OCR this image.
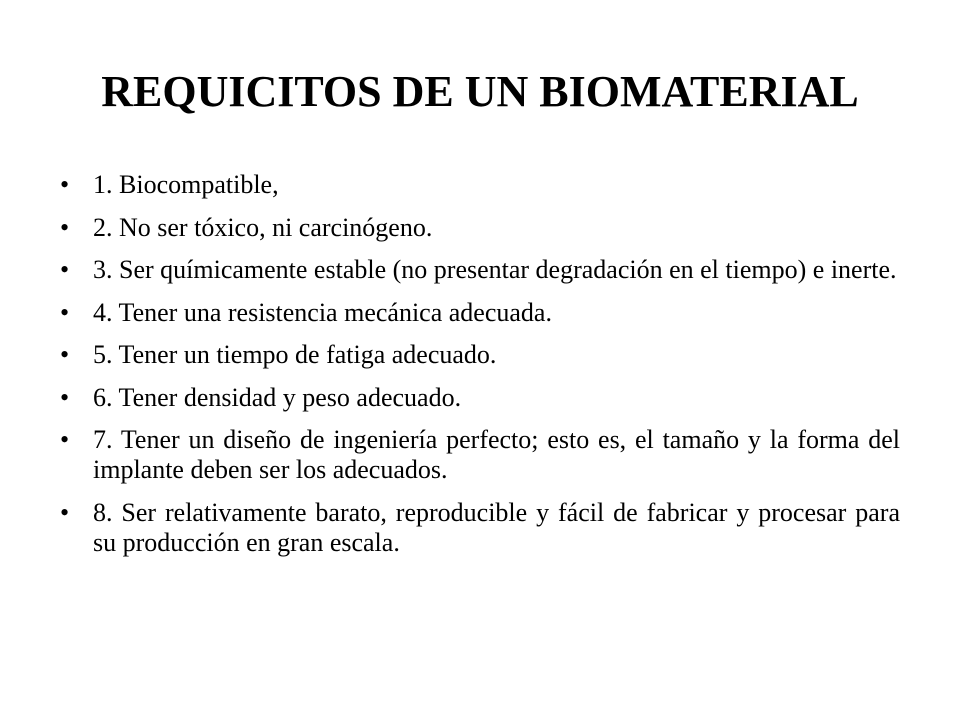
REQUICITOS DE UN BIOMATERIAL
• 1. Biocompatible,
• 2. No ser tóxico, ni carcinógeno.
• 3. Ser químicamente estable (no presentar degradación en el tiempo) e inerte.
• 4. Tener una resistencia mecánica adecuada.
• 5. Tener un tiempo de fatiga adecuado.
• 6. Tener densidad y peso adecuado.
• 7. Tener un diseño de ingeniería perfecto; esto es, el tamaño y la forma del implante deben ser los adecuados.
• 8. Ser relativamente barato, reproducible y fácil de fabricar y procesar para su producción en gran escala.
